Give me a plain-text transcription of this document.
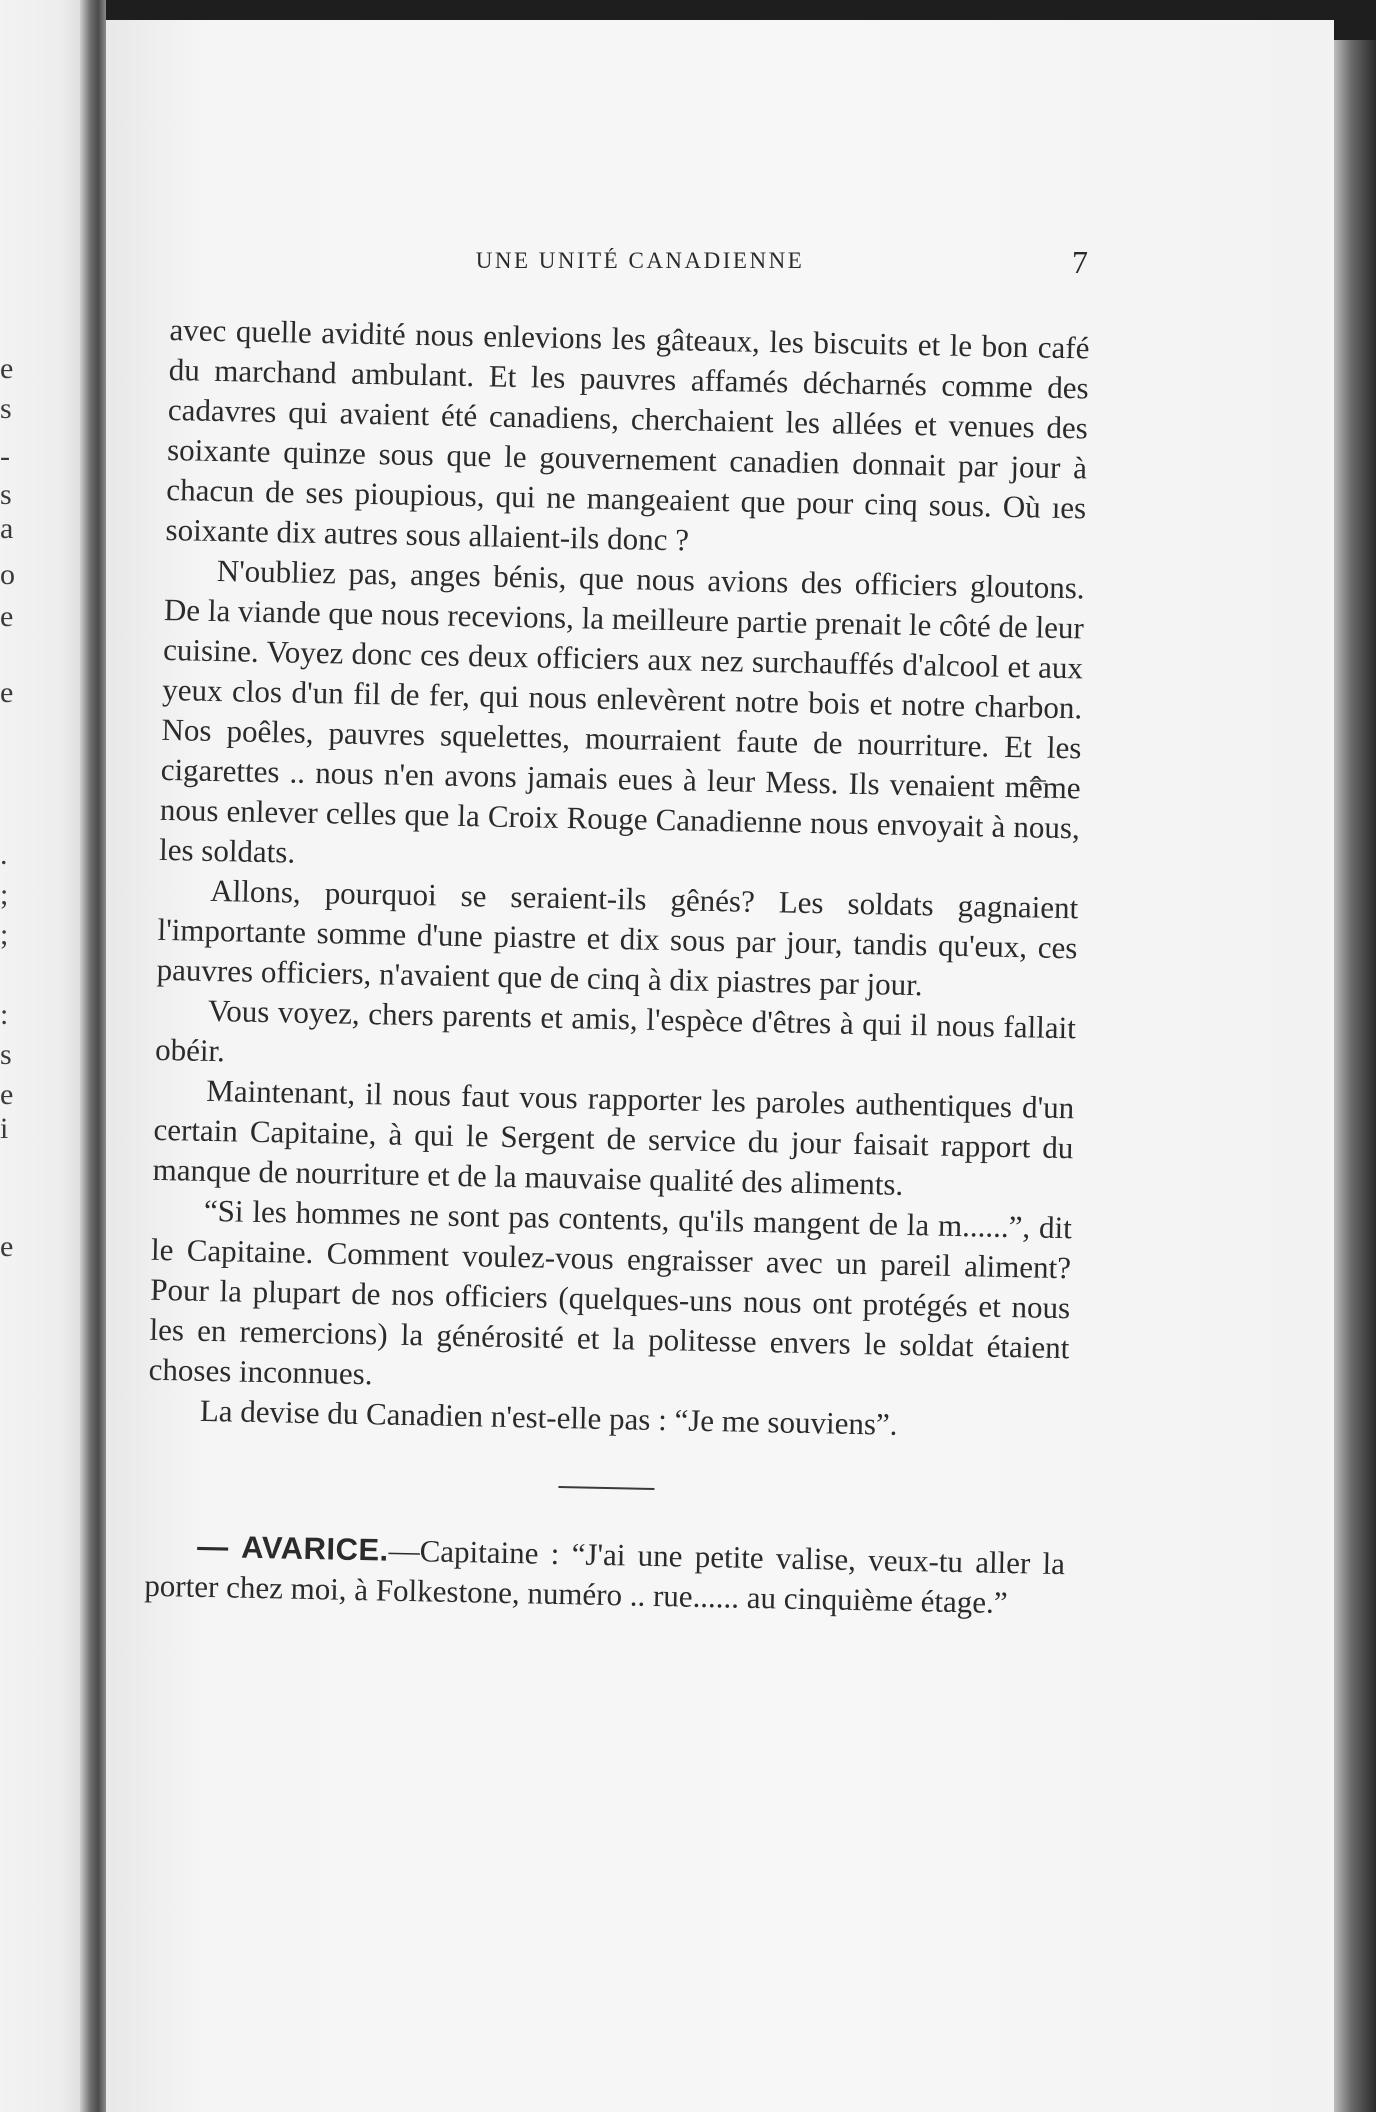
e
s
-
s
a
o
e
e
.
;
;
:
s
e
i
e
UNE UNITÉ CANADIENNE	7

avec quelle avidité nous enlevions les gâteaux, les biscuits et le bon café du marchand ambulant. Et les pauvres affamés décharnés comme des cadavres qui avaient été canadiens, cherchaient les allées et venues des soixante quinze sous que le gouvernement canadien donnait par jour à chacun de ses pioupious, qui ne mangeaient que pour cinq sous. Où ıes soixante dix autres sous allaient-ils donc ?

N'oubliez pas, anges bénis, que nous avions des officiers gloutons. De la viande que nous recevions, la meilleure partie prenait le côté de leur cuisine. Voyez donc ces deux officiers aux nez surchauffés d'alcool et aux yeux clos d'un fil de fer, qui nous enlevèrent notre bois et notre charbon. Nos poêles, pauvres squelettes, mourraient faute de nourriture. Et les cigarettes .. nous n'en avons jamais eues à leur Mess. Ils venaient même nous enlever celles que la Croix Rouge Canadienne nous envoyait à nous, les soldats.

Allons, pourquoi se seraient-ils gênés? Les soldats gagnaient l'importante somme d'une piastre et dix sous par jour, tandis qu'eux, ces pauvres officiers, n'avaient que de cinq à dix piastres par jour.

Vous voyez, chers parents et amis, l'espèce d'êtres à qui il nous fallait obéir.

Maintenant, il nous faut vous rapporter les paroles authentiques d'un certain Capitaine, à qui le Sergent de service du jour faisait rapport du manque de nourriture et de la mauvaise qualité des aliments.

“Si les hommes ne sont pas contents, qu'ils mangent de la m......”, dit le Capitaine. Comment voulez-vous engraisser avec un pareil aliment? Pour la plupart de nos officiers (quelques-uns nous ont protégés et nous les en remercions) la générosité et la politesse envers le soldat étaient choses inconnues.

La devise du Canadien n'est-elle pas : “Je me souviens”.

— AVARICE.—Capitaine : “J'ai une petite valise, veux-tu aller la porter chez moi, à Folkestone, numéro .. rue...... au cinquième étage.”
